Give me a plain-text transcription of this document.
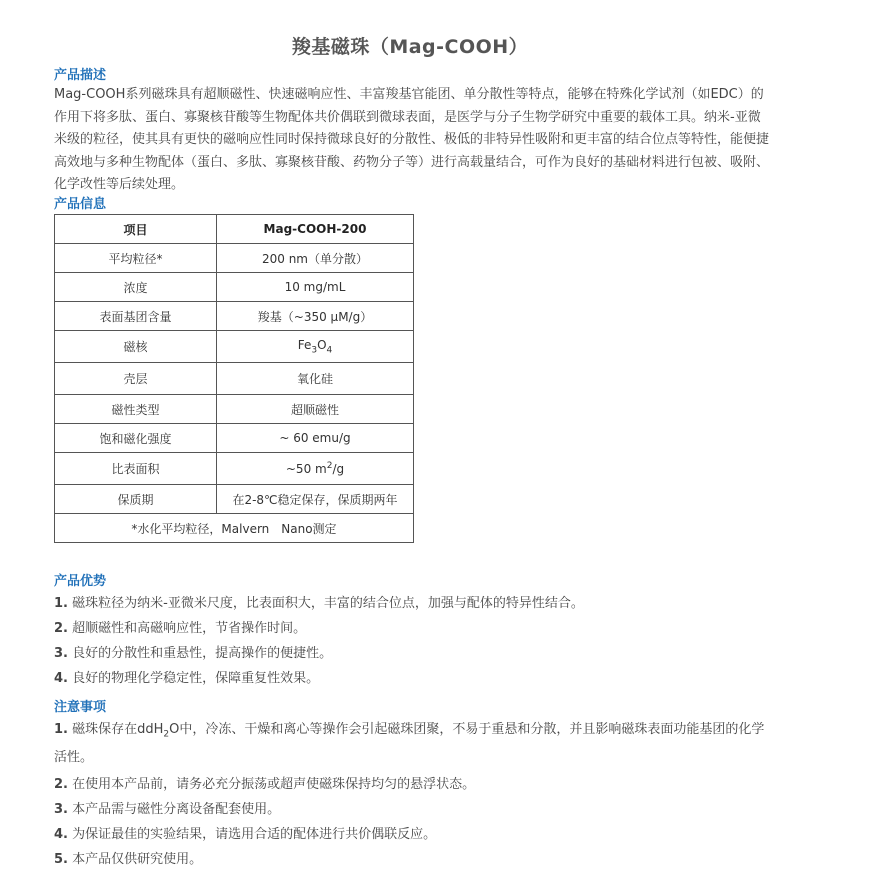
羧基磁珠（Mag-COOH）
产品描述
Mag-COOH系列磁珠具有超顺磁性、快速磁响应性、丰富羧基官能团、单分散性等特点，能够在特殊化学试剂（如EDC）的
作用下将多肽、蛋白、寡聚核苷酸等生物配体共价偶联到微球表面，是医学与分子生物学研究中重要的载体工具。纳米-亚微
米级的粒径，使其具有更快的磁响应性同时保持微球良好的分散性、极低的非特异性吸附和更丰富的结合位点等特性，能便捷
高效地与多种生物配体（蛋白、多肽、寡聚核苷酸、药物分子等）进行高载量结合，可作为良好的基础材料进行包被、吸附、
化学改性等后续处理。
产品信息
项目	Mag-COOH-200
平均粒径*	200 nm（单分散）
浓度	10 mg/mL
表面基团含量	羧基（~350 μM/g）
磁核	$Fe_3O_4$
壳层	氧化硅
磁性类型	超顺磁性
饱和磁化强度	~ 60 emu/g
比表面积	~50 $m^2/g$
保质期	在2-8℃稳定保存，保质期两年
*水化平均粒径，Malvern　Nano测定	
产品优势
1. 磁珠粒径为纳米-亚微米尺度，比表面积大，丰富的结合位点，加强与配体的特异性结合。
2. 超顺磁性和高磁响应性，节省操作时间。
3. 良好的分散性和重悬性，提高操作的便捷性。
4. 良好的物理化学稳定性，保障重复性效果。
注意事项
1. 磁珠保存在ddH$_2$O中，冷冻、干燥和离心等操作会引起磁珠团聚，不易于重悬和分散，并且影响磁珠表面功能基团的化学
活性。
2. 在使用本产品前，请务必充分振荡或超声使磁珠保持均匀的悬浮状态。
3. 本产品需与磁性分离设备配套使用。
4. 为保证最佳的实验结果，请选用合适的配体进行共价偶联反应。
5. 本产品仅供研究使用。
